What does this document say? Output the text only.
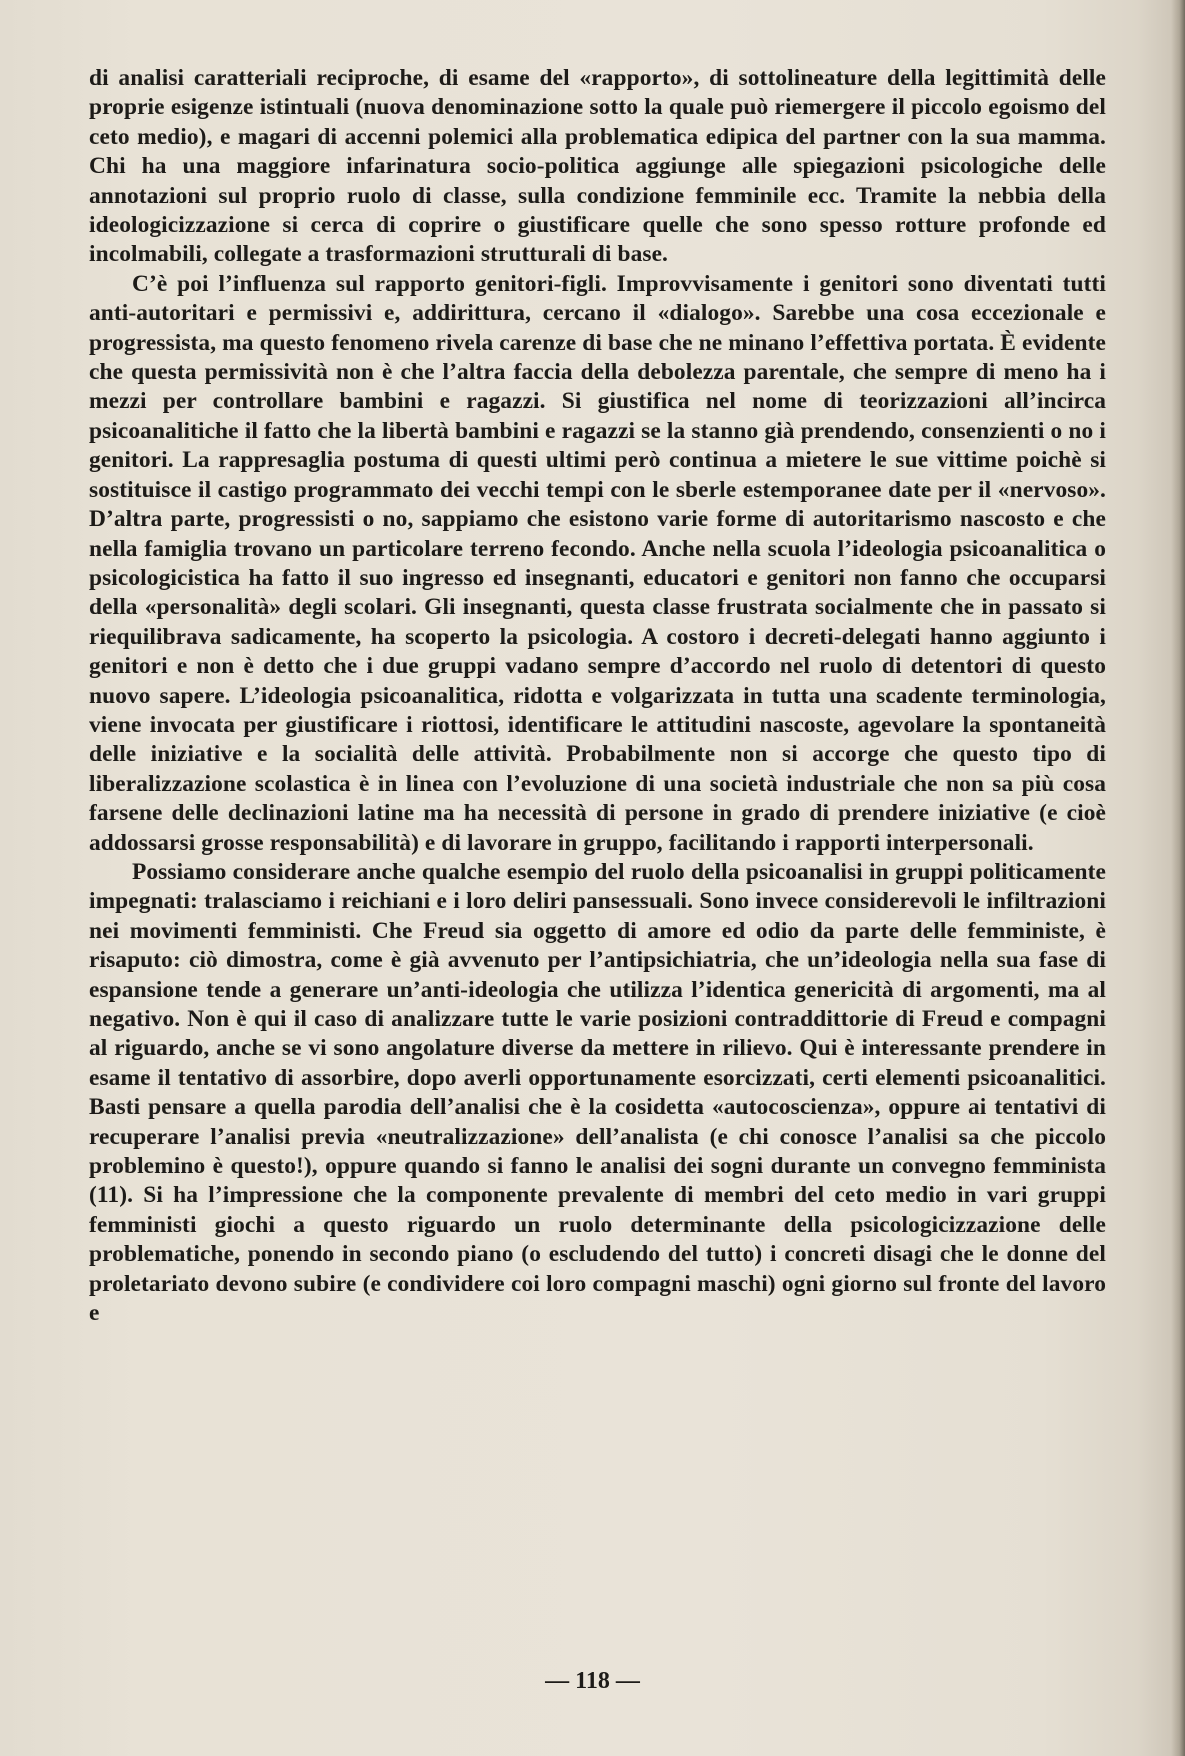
di analisi caratteriali reciproche, di esame del «rapporto», di sottolineature della legittimità delle proprie esigenze istintuali (nuova denominazione sotto la quale può riemergere il piccolo egoismo del ceto medio), e magari di accenni polemici alla problematica edipica del partner con la sua mamma. Chi ha una maggiore infarinatura socio-politica aggiunge alle spiegazioni psicologiche delle annotazioni sul proprio ruolo di classe, sulla condizione femminile ecc. Tramite la nebbia della ideologicizzazione si cerca di coprire o giustificare quelle che sono spesso rotture profonde ed incolmabili, collegate a trasformazioni strutturali di base.

C’è poi l’influenza sul rapporto genitori-figli. Improvvisamente i genitori sono diventati tutti anti-autoritari e permissivi e, addirittura, cercano il «dialogo». Sarebbe una cosa eccezionale e progressista, ma questo fenomeno rivela carenze di base che ne minano l’effettiva portata. È evidente che questa permissività non è che l’altra faccia della debolezza parentale, che sempre di meno ha i mezzi per controllare bambini e ragazzi. Si giustifica nel nome di teorizzazioni all’incirca psicoanalitiche il fatto che la libertà bambini e ragazzi se la stanno già prendendo, consenzienti o no i genitori. La rappresaglia postuma di questi ultimi però continua a mietere le sue vittime poichè si sostituisce il castigo programmato dei vecchi tempi con le sberle estemporanee date per il «nervoso». D’altra parte, progressisti o no, sappiamo che esistono varie forme di autoritarismo nascosto e che nella famiglia trovano un particolare terreno fecondo. Anche nella scuola l’ideologia psicoanalitica o psicologicistica ha fatto il suo ingresso ed insegnanti, educatori e genitori non fanno che occuparsi della «personalità» degli scolari. Gli insegnanti, questa classe frustrata socialmente che in passato si riequilibrava sadicamente, ha scoperto la psicologia. A costoro i decreti-delegati hanno aggiunto i genitori e non è detto che i due gruppi vadano sempre d’accordo nel ruolo di detentori di questo nuovo sapere. L’ideologia psicoanalitica, ridotta e volgarizzata in tutta una scadente terminologia, viene invocata per giustificare i riottosi, identificare le attitudini nascoste, agevolare la spontaneità delle iniziative e la socialità delle attività. Probabilmente non si accorge che questo tipo di liberalizzazione scolastica è in linea con l’evoluzione di una società industriale che non sa più cosa farsene delle declinazioni latine ma ha necessità di persone in grado di prendere iniziative (e cioè addossarsi grosse responsabilità) e di lavorare in gruppo, facilitando i rapporti interpersonali.

Possiamo considerare anche qualche esempio del ruolo della psicoanalisi in gruppi politicamente impegnati: tralasciamo i reichiani e i loro deliri pansessuali. Sono invece considerevoli le infiltrazioni nei movimenti femministi. Che Freud sia oggetto di amore ed odio da parte delle femministe, è risaputo: ciò dimostra, come è già avvenuto per l’antipsichiatria, che un’ideologia nella sua fase di espansione tende a generare un’anti-ideologia che utilizza l’identica genericità di argomenti, ma al negativo. Non è qui il caso di analizzare tutte le varie posizioni contraddittorie di Freud e compagni al riguardo, anche se vi sono angolature diverse da mettere in rilievo. Qui è interessante prendere in esame il tentativo di assorbire, dopo averli opportunamente esorcizzati, certi elementi psicoanalitici. Basti pensare a quella parodia dell’analisi che è la cosidetta «autocoscienza», oppure ai tentativi di recuperare l’analisi previa «neutralizzazione» dell’analista (e chi conosce l’analisi sa che piccolo problemino è questo!), oppure quando si fanno le analisi dei sogni durante un convegno femminista (11). Si ha l’impressione che la componente prevalente di membri del ceto medio in vari gruppi femministi giochi a questo riguardo un ruolo determinante della psicologicizzazione delle problematiche, ponendo in secondo piano (o escludendo del tutto) i concreti disagi che le donne del proletariato devono subire (e condividere coi loro compagni maschi) ogni giorno sul fronte del lavoro e

— 118 —
